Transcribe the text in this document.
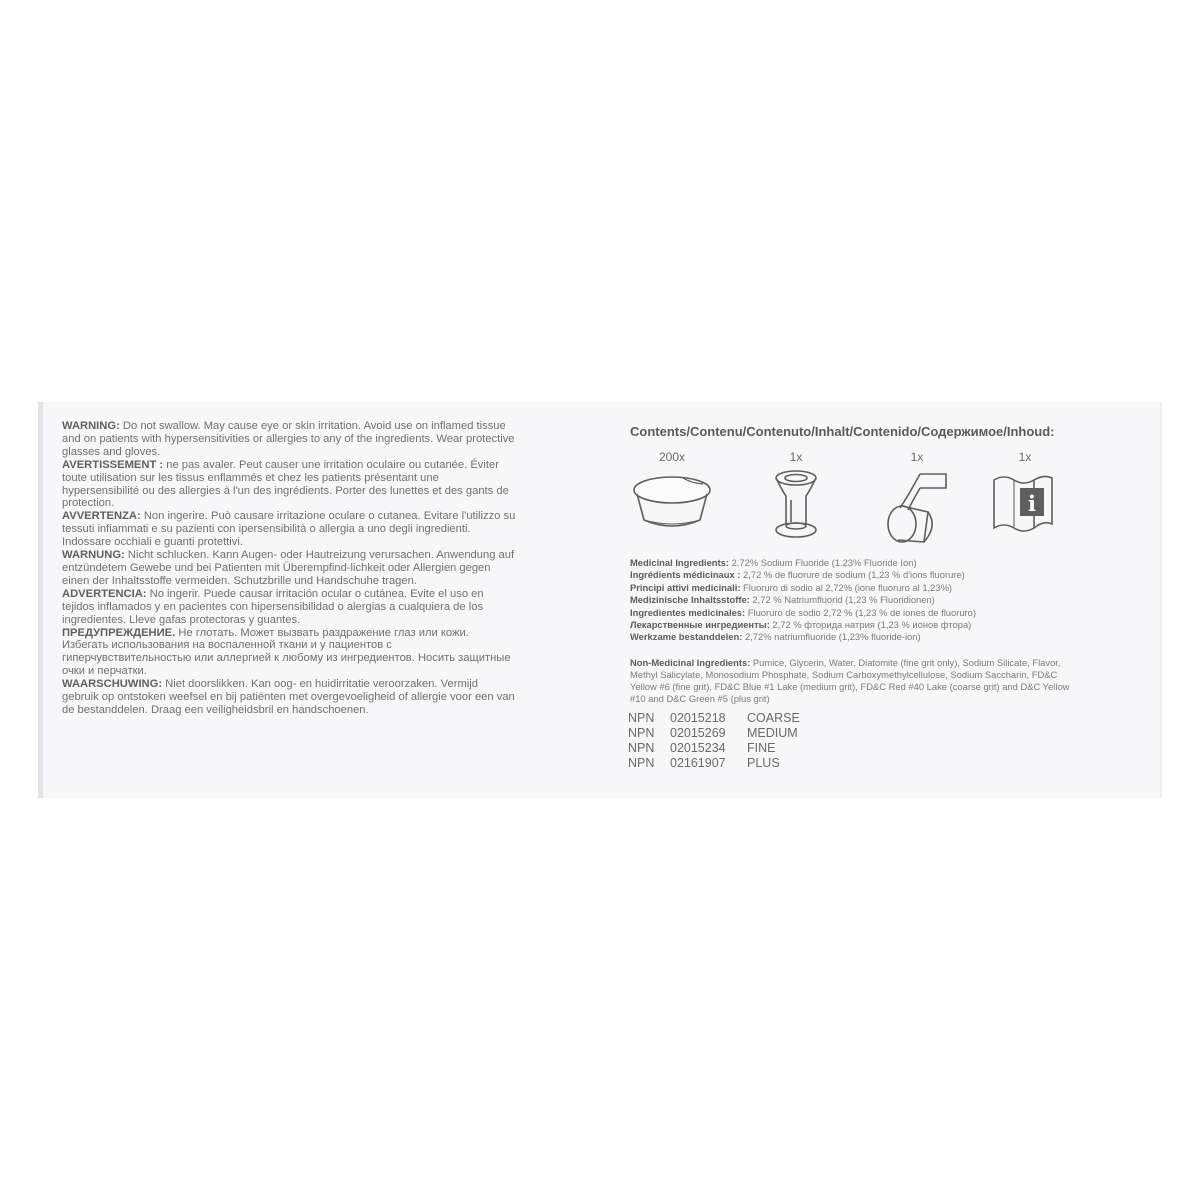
WARNING: Do not swallow. May cause eye or skin irritation. Avoid use on inflamed tissue and on patients with hypersensitivities or allergies to any of the ingredients. Wear protective glasses and gloves.

AVERTISSEMENT : ne pas avaler. Peut causer une irritation oculaire ou cutanée. Éviter toute utilisation sur les tissus enflammés et chez les patients présentant une hypersensibilité ou des allergies à l'un des ingrédients. Porter des lunettes et des gants de protection.

AVVERTENZA: Non ingerire. Può causare irritazione oculare o cutanea. Evitare l'utilizzo su tessuti infiammati e su pazienti con ipersensibilità o allergia a uno degli ingredienti. Indossare occhiali e guanti protettivi.

WARNUNG: Nicht schlucken. Kann Augen- oder Hautreizung verursachen. Anwendung auf entzündetem Gewebe und bei Patienten mit Überempfind-lichkeit oder Allergien gegen einen der Inhaltsstoffe vermeiden. Schutzbrille und Handschuhe tragen.

ADVERTENCIA: No ingerir. Puede causar irritación ocular o cutánea. Evite el uso en tejidos inflamados y en pacientes con hipersensibilidad o alergias a cualquiera de los ingredientes. Lleve gafas protectoras y guantes.

ПРЕДУПРЕЖДЕНИЕ. Не глотать. Может вызвать раздражение глаз или кожи. Избегать использования на воспаленной ткани и у пациентов с гиперчувствительностью или аллергией к любому из ингредиентов. Носить защитные очки и перчатки.

WAARSCHUWING: Niet doorslikken. Kan oog- en huidirritatie veroorzaken. Vermijd gebruik op ontstoken weefsel en bij patiënten met overgevoeligheid of allergie voor een van de bestanddelen. Draag een veiligheidsbril en handschoenen.

Contents/Contenu/Contenuto/Inhalt/Contenido/Содержимое/Inhoud:
200x	1x	1x	1x
i
Medicinal Ingredients: 2.72% Sodium Fluoride (1.23% Fluoride Ion)
Ingrédients médicinaux : 2,72 % de fluorure de sodium (1,23 % d'ions fluorure)
Principi attivi medicinali: Fluoruro di sodio al 2,72% (ione fluoruro al 1,23%)
Medizinische Inhaltsstoffe: 2,72 % Natriumfluorid (1,23 % Fluoridionen)
Ingredientes medicinales: Fluoruro de sodio 2,72 % (1,23 % de iones de fluoruro)
Лекарственные ингредиенты: 2,72 % фторида натрия (1,23 % ионов фтора)
Werkzame bestanddelen: 2,72% natriumfluoride (1,23% fluoride-ion)
Non-Medicinal Ingredients: Pumice, Glycerin, Water, Diatomite (fine grit only), Sodium Silicate, Flavor, Methyl Salicylate, Monosodium Phosphate, Sodium Carboxymethylcellulose, Sodium Saccharin, FD&C Yellow #6 (fine grit), FD&C Blue #1 Lake (medium grit), FD&C Red #40 Lake (coarse grit) and D&C Yellow #10 and D&C Green #5 (plus grit)
NPN	02015218	COARSE
NPN	02015269	MEDIUM
NPN	02015234	FINE
NPN	02161907	PLUS
